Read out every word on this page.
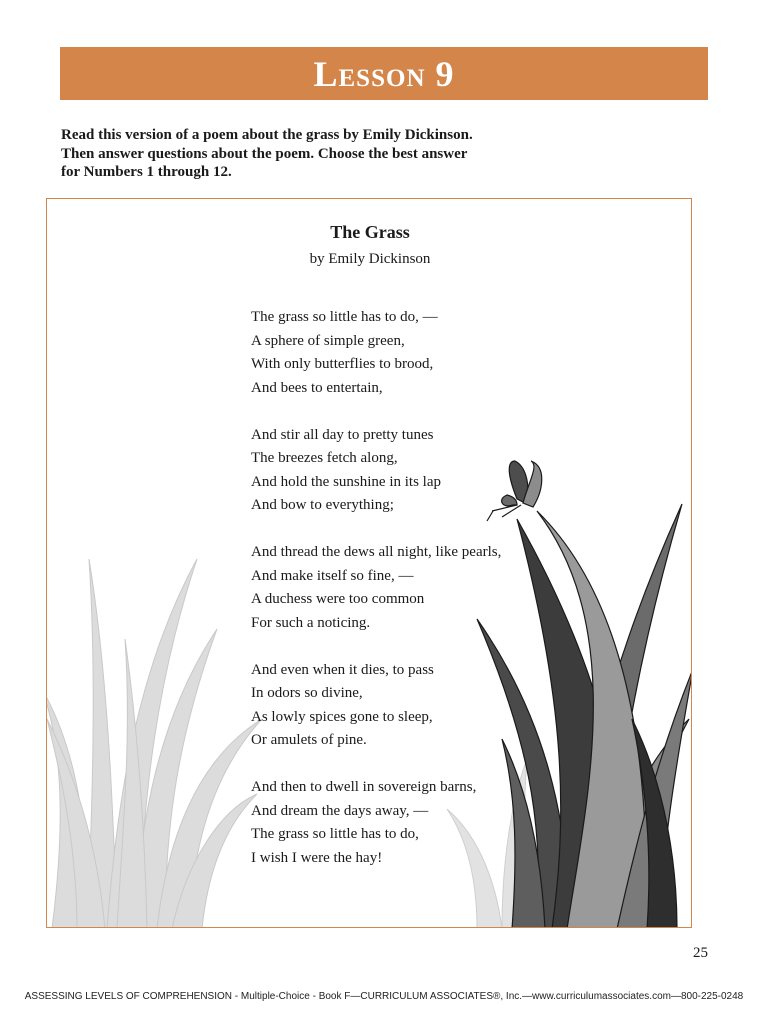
Lesson 9
Read this version of a poem about the grass by Emily Dickinson.
Then answer questions about the poem. Choose the best answer
for Numbers 1 through 12.
The Grass
by Emily Dickinson
The grass so little has to do, —
A sphere of simple green,
With only butterflies to brood,
And bees to entertain,
And stir all day to pretty tunes
The breezes fetch along,
And hold the sunshine in its lap
And bow to everything;
And thread the dews all night, like pearls,
And make itself so fine, —
A duchess were too common
For such a noticing.
And even when it dies, to pass
In odors so divine,
As lowly spices gone to sleep,
Or amulets of pine.
And then to dwell in sovereign barns,
And dream the days away, —
The grass so little has to do,
I wish I were the hay!
25
ASSESSING LEVELS OF COMPREHENSION - Multiple-Choice - Book F—CURRICULUM ASSOCIATES®, Inc.—www.curriculumassociates.com—800-225-0248
